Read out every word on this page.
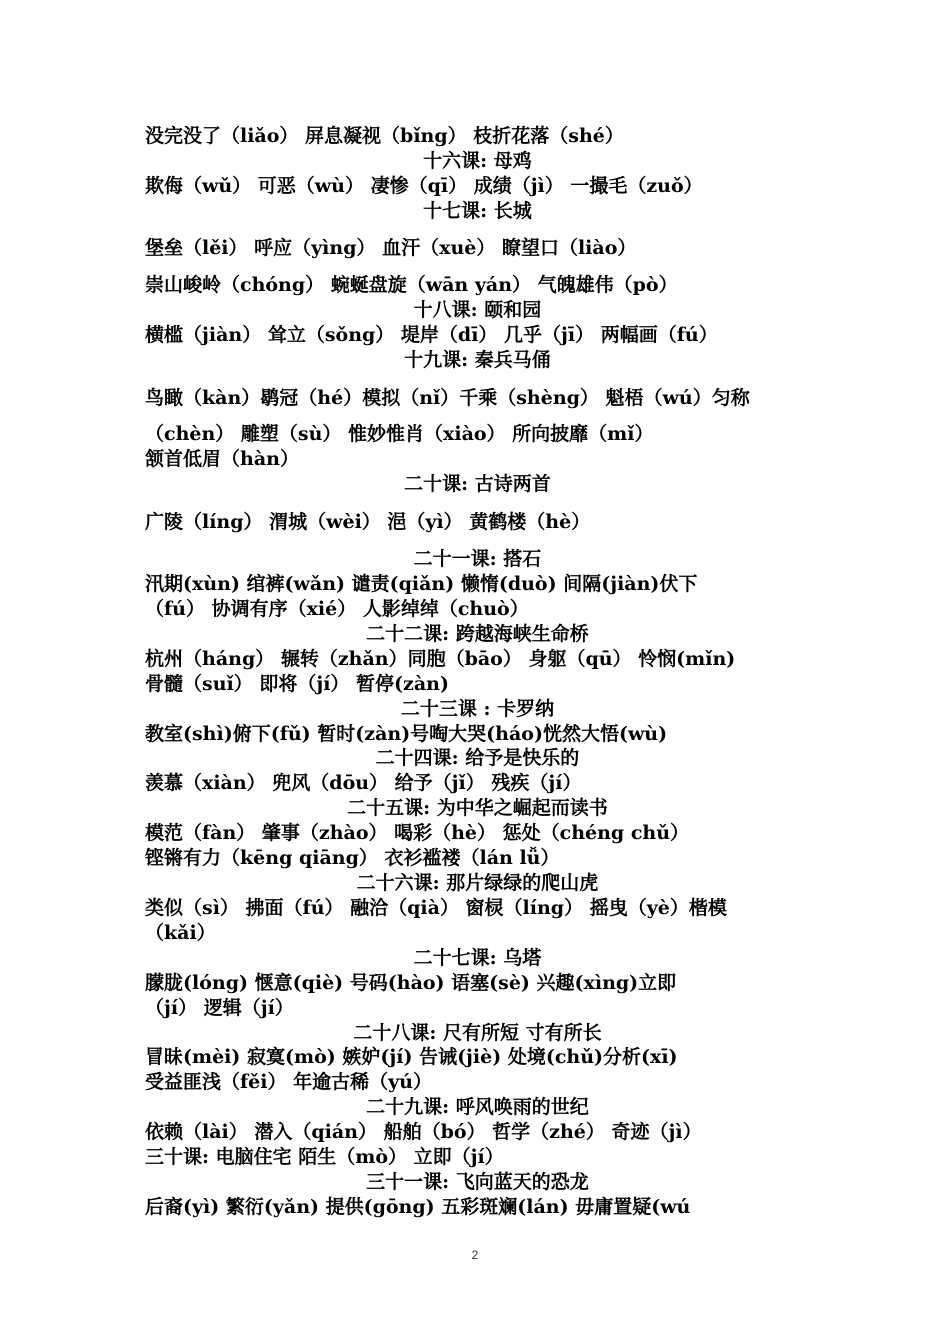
没完没了（liǎo） 屏息凝视（bǐng） 枝折花落（shé）
十六课: 母鸡
欺侮（wǔ） 可恶（wù） 凄惨（qī） 成绩（jì） 一撮毛（zuǒ）
十七课: 长城
堡垒（lěi） 呼应（yìng） 血汗（xuè） 瞭望口（liào）
崇山峻岭（chóng） 蜿蜒盘旋（wān yán） 气魄雄伟（pò）
十八课: 颐和园
横槛（jiàn） 耸立（sǒng） 堤岸（dī） 几乎（jī） 两幅画（fú）
十九课: 秦兵马俑
鸟瞰（kàn）鹖冠（hé）模拟（nǐ）千乘（shèng） 魁梧（wú）匀称
（chèn） 雕塑（sù） 惟妙惟肖（xiào） 所向披靡（mǐ）
颔首低眉（hàn）
二十课: 古诗两首
广陵（líng） 渭城（wèi） 浥（yì） 黄鹤楼（hè）
二十一课: 搭石
汛期(xùn) 绾裤(wǎn) 谴责(qiǎn) 懒惰(duò) 间隔(jiàn)伏下
（fú） 协调有序（xié） 人影绰绰（chuò）
二十二课: 跨越海峡生命桥
杭州（háng） 辗转（zhǎn）同胞（bāo） 身躯（qū） 怜悯(mǐn)
骨髓（suǐ） 即将（jí） 暂停(zàn)
二十三课 : 卡罗纳
教室(shì)俯下(fǔ) 暂时(zàn)号啕大哭(háo)恍然大悟(wù)
二十四课: 给予是快乐的
羡慕（xiàn） 兜风（dōu） 给予（jǐ） 残疾（jí）
二十五课: 为中华之崛起而读书
模范（fàn） 肇事（zhào） 喝彩（hè） 惩处（chéng chǔ）
铿锵有力（kēng qiāng） 衣衫褴褛（lán lǚ）
二十六课: 那片绿绿的爬山虎
类似（sì） 拂面（fú） 融洽（qià） 窗棂（líng） 摇曳（yè）楷模
（kǎi）
二十七课: 乌塔
朦胧(lóng) 惬意(qiè) 号码(hào) 语塞(sè) 兴趣(xìng)立即
（jí） 逻辑（jí）
二十八课: 尺有所短 寸有所长
冒昧(mèi) 寂寞(mò) 嫉妒(jí) 告诫(jiè) 处境(chǔ)分析(xī)
受益匪浅（fěi） 年逾古稀（yú）
二十九课: 呼风唤雨的世纪
依赖（lài） 潜入（qián） 船舶（bó） 哲学（zhé） 奇迹（jì）
三十课: 电脑住宅 陌生（mò） 立即（jí）
三十一课: 飞向蓝天的恐龙
后裔(yì) 繁衍(yǎn) 提供(gōng) 五彩斑斓(lán) 毋庸置疑(wú
2
